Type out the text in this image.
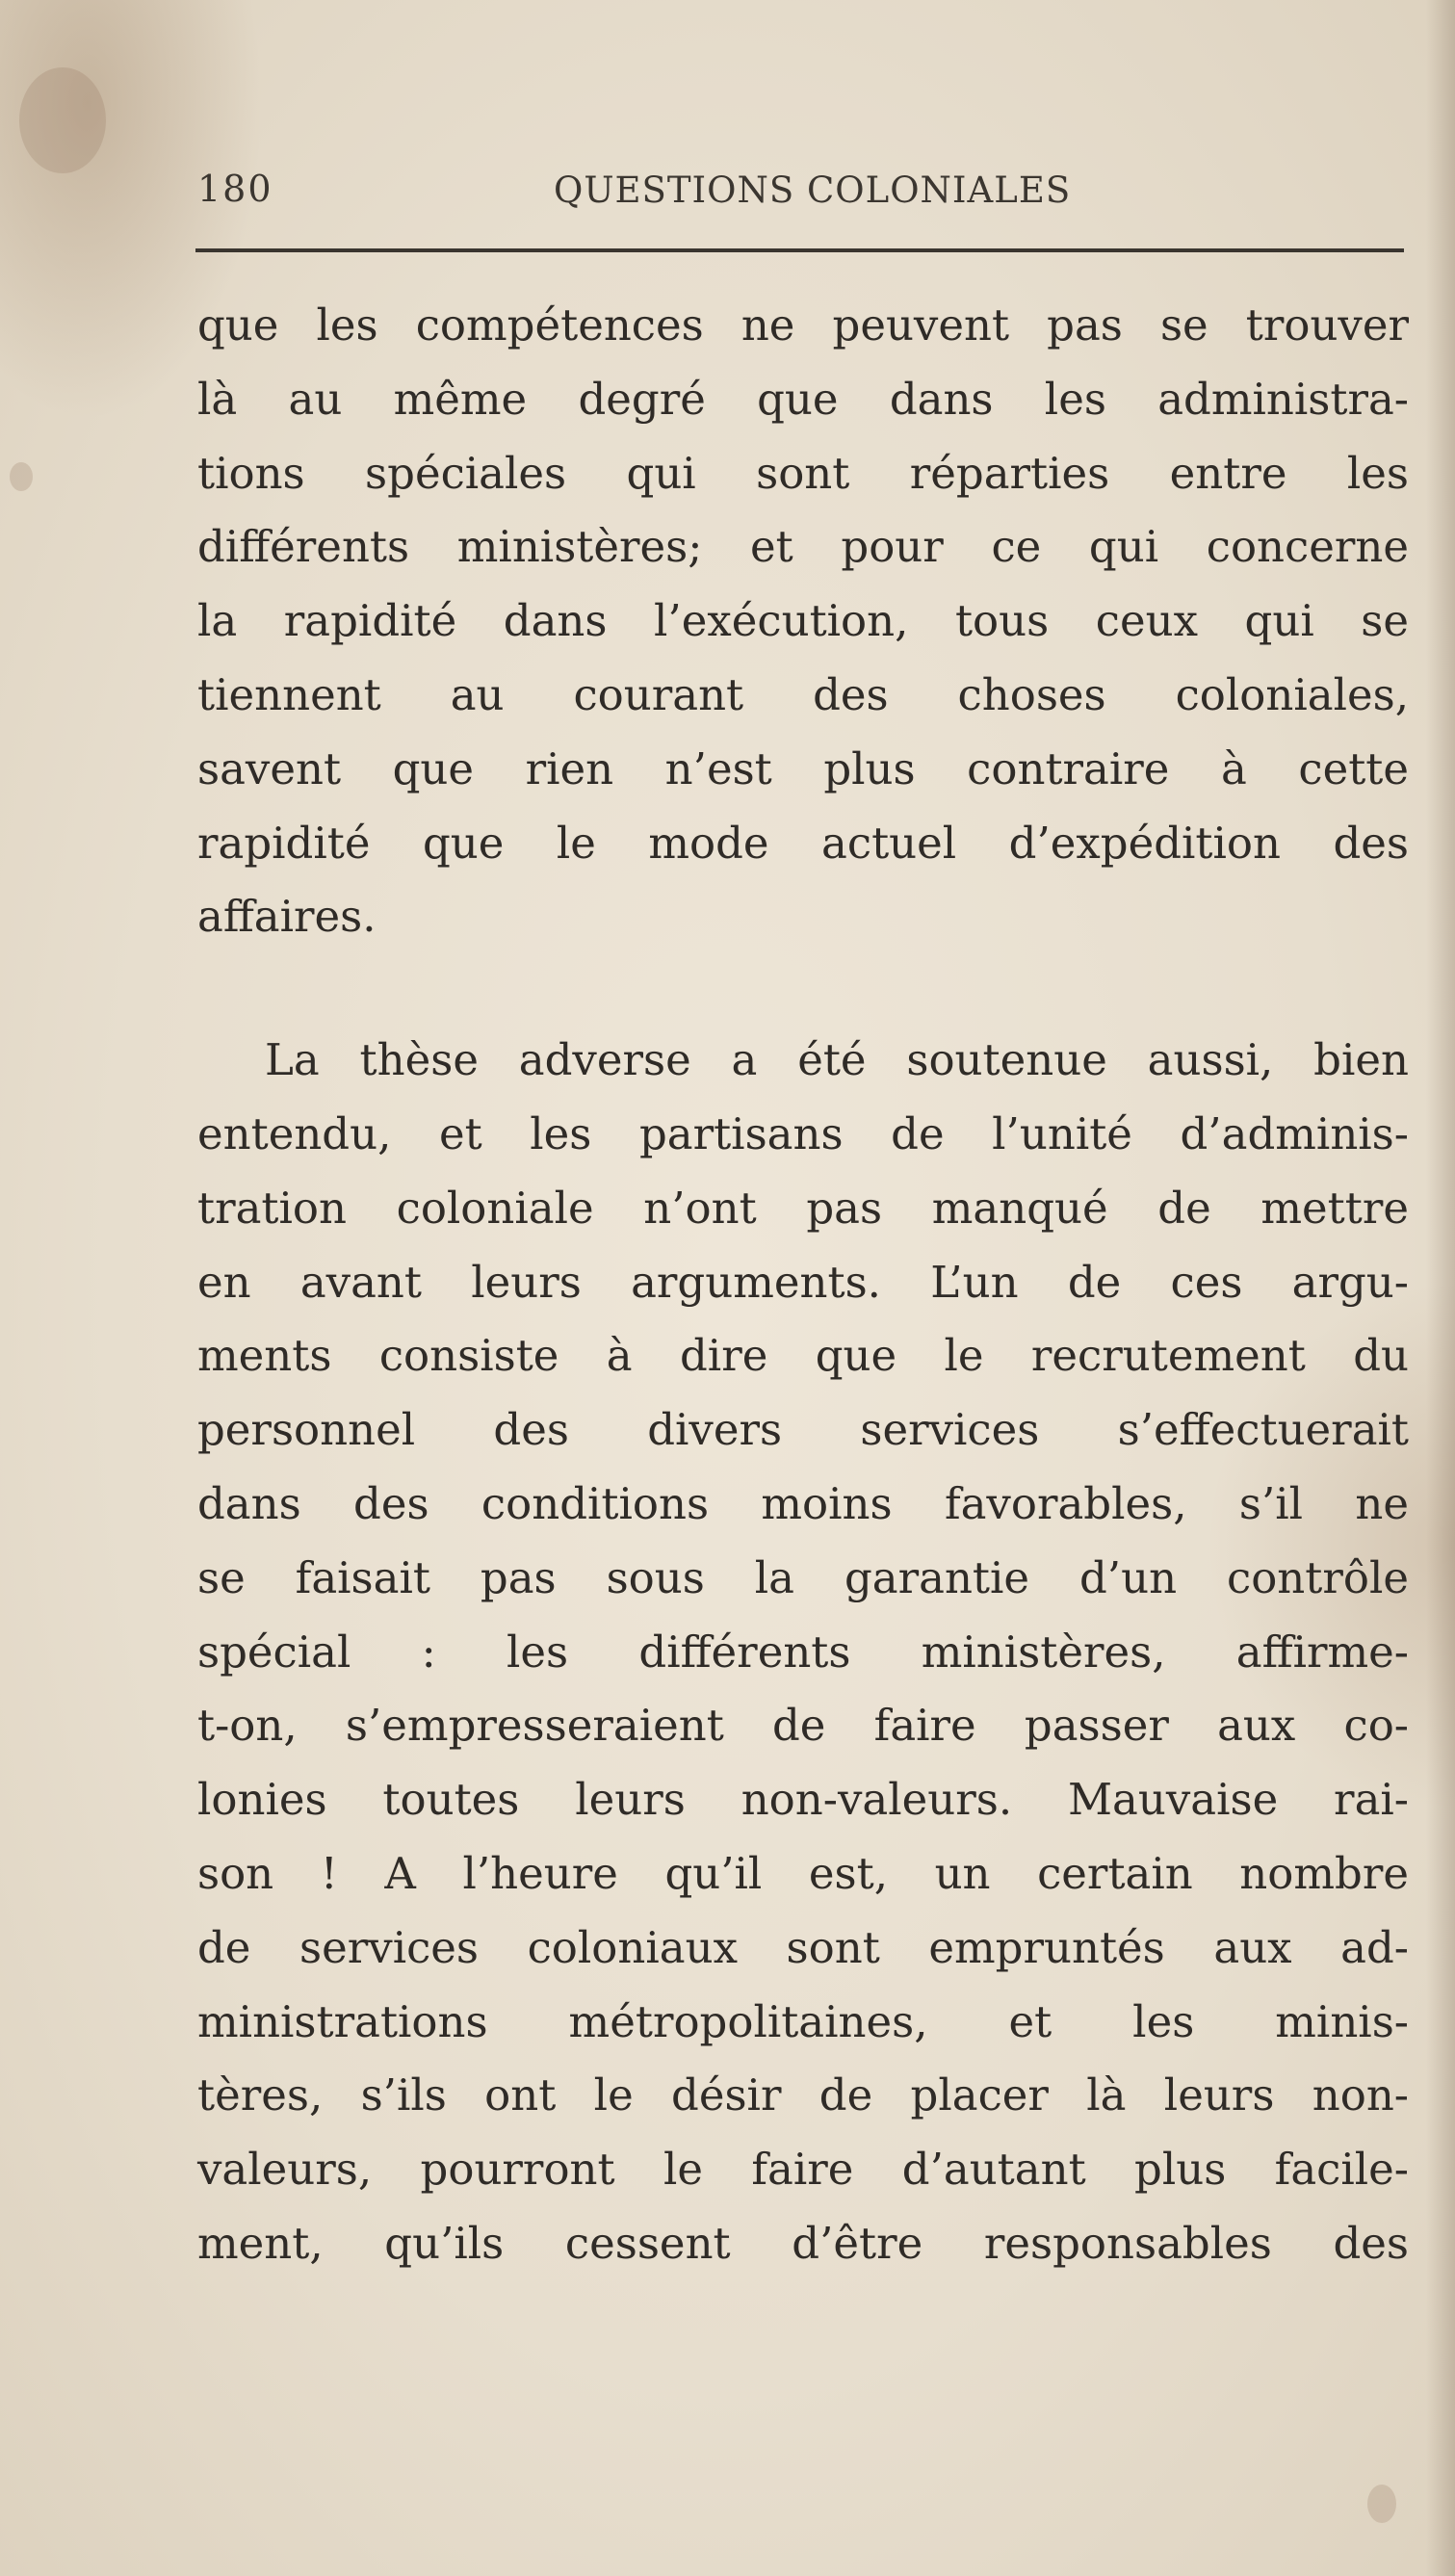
180	QUESTIONS COLONIALES
que les compétences ne peuvent pas se trouver
là au même degré que dans les administra-
tions spéciales qui sont réparties entre les
différents ministères; et pour ce qui concerne
la rapidité dans l’exécution, tous ceux qui se
tiennent au courant des choses coloniales,
savent que rien n’est plus contraire à cette
rapidité que le mode actuel d’expédition des
affaires.
La thèse adverse a été soutenue aussi, bien
entendu, et les partisans de l’unité d’adminis-
tration coloniale n’ont pas manqué de mettre
en avant leurs arguments. L’un de ces argu-
ments consiste à dire que le recrutement du
personnel des divers services s’effectuerait
dans des conditions moins favorables, s’il ne
se faisait pas sous la garantie d’un contrôle
spécial : les différents ministères, affirme-
t-on, s’empresseraient de faire passer aux co-
lonies toutes leurs non-valeurs. Mauvaise rai-
son ! A l’heure qu’il est, un certain nombre
de services coloniaux sont empruntés aux ad-
ministrations métropolitaines, et les minis-
tères, s’ils ont le désir de placer là leurs non-
valeurs, pourront le faire d’autant plus facile-
ment, qu’ils cessent d’être responsables des
